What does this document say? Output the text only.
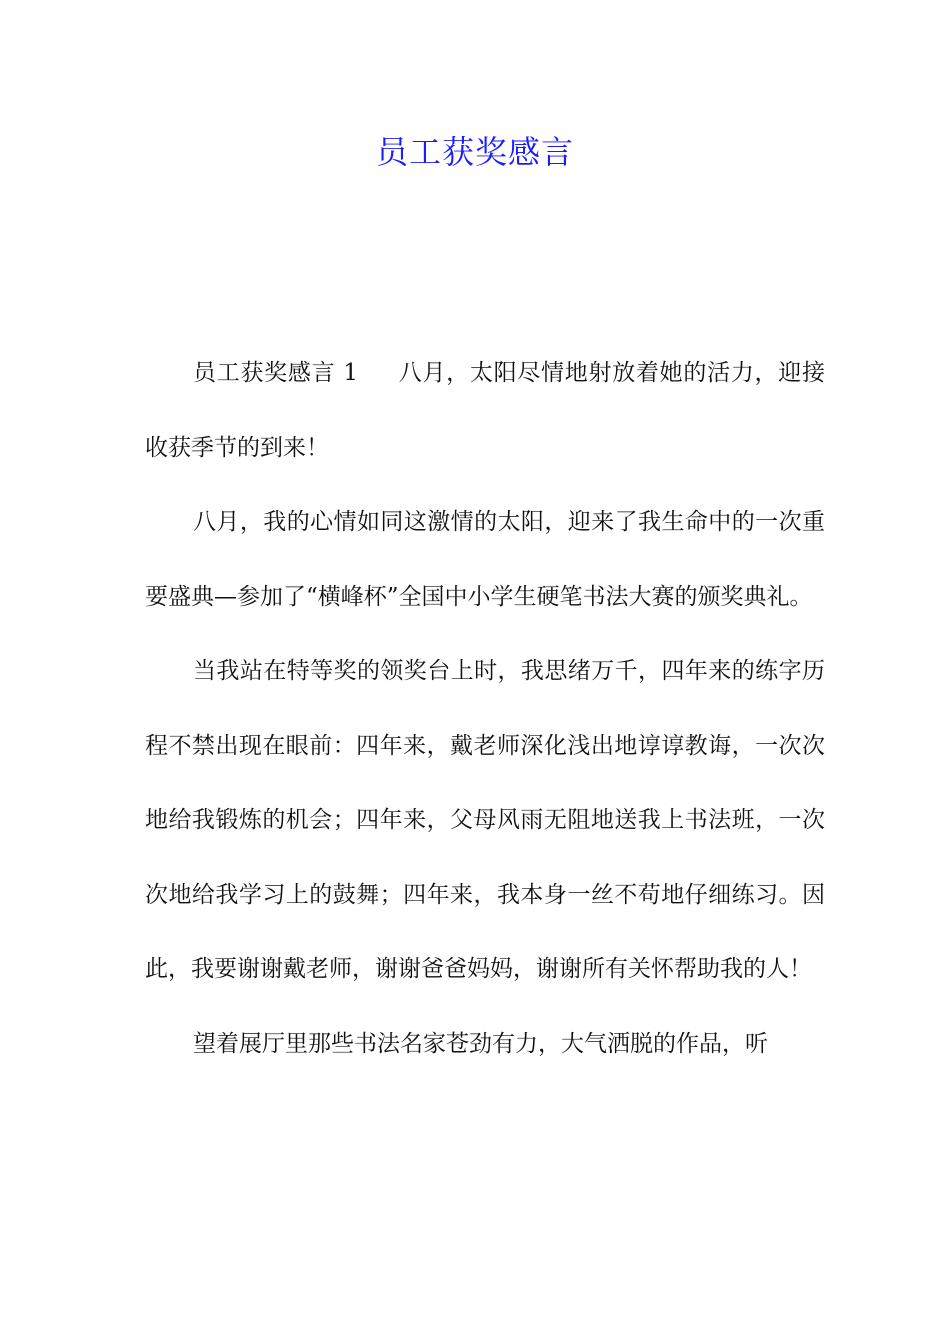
员工获奖感言

员工获奖感言 1 八月，太阳尽情地射放着她的活力，迎接收获季节的到来！

八月，我的心情如同这激情的太阳，迎来了我生命中的一次重要盛典—参加了“横峰杯”全国中小学生硬笔书法大赛的颁奖典礼。

当我站在特等奖的领奖台上时，我思绪万千，四年来的练字历程不禁出现在眼前：四年来，戴老师深化浅出地谆谆教诲，一次次地给我锻炼的机会；四年来，父母风雨无阻地送我上书法班，一次次地给我学习上的鼓舞；四年来，我本身一丝不苟地仔细练习。因此，我要谢谢戴老师，谢谢爸爸妈妈，谢谢所有关怀帮助我的人！

望着展厅里那些书法名家苍劲有力，大气洒脱的作品，听
